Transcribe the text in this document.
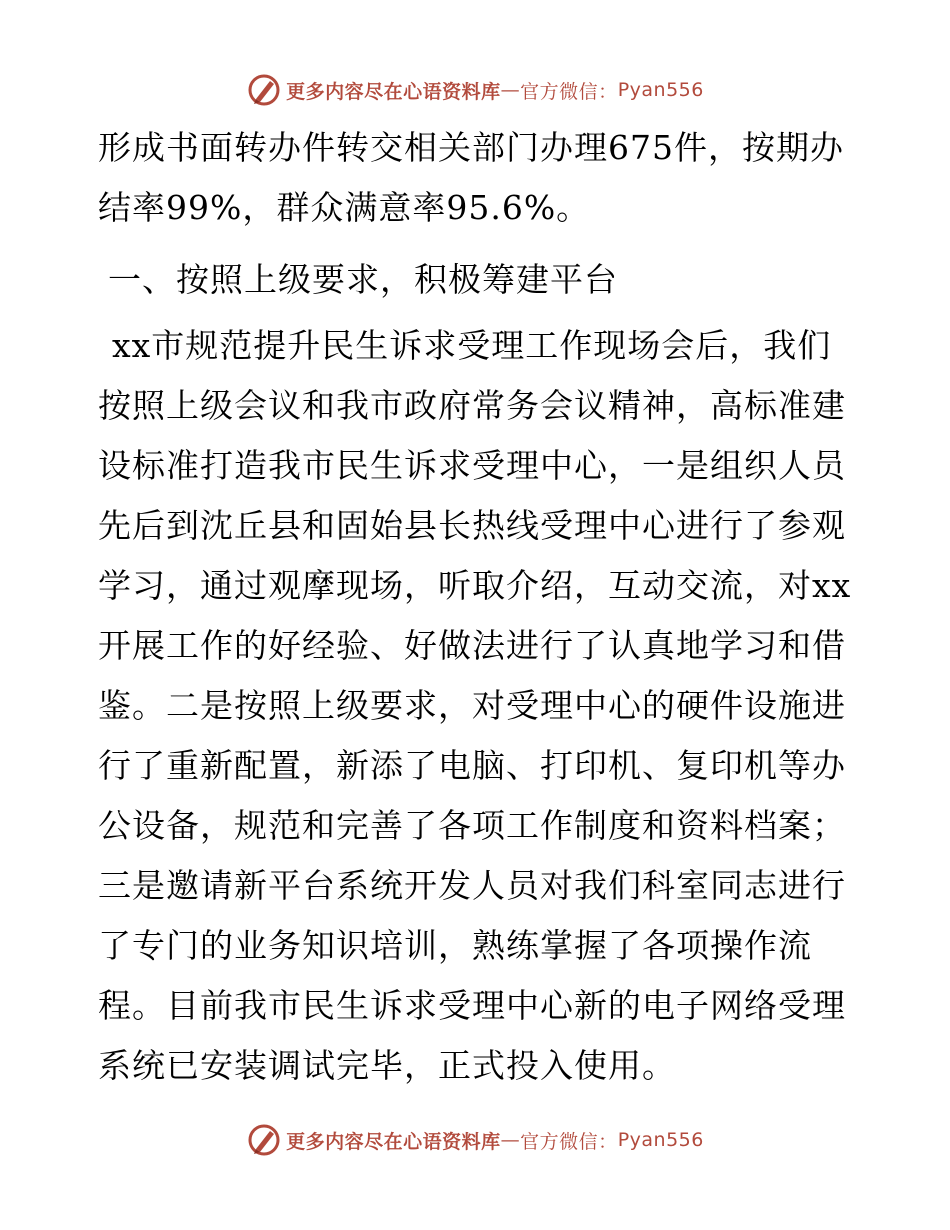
更多内容尽在心语资料库 — 官方微信： Pyan556

形成书面转办件转交相关部门办理675件，按期办
结率99%，群众满意率95.6%。

一、按照上级要求，积极筹建平台

xx市规范提升民生诉求受理工作现场会后，我们
按照上级会议和我市政府常务会议精神，高标准建
设标准打造我市民生诉求受理中心，一是组织人员
先后到沈丘县和固始县长热线受理中心进行了参观
学习，通过观摩现场，听取介绍，互动交流，对xx
开展工作的好经验、好做法进行了认真地学习和借
鉴。二是按照上级要求，对受理中心的硬件设施进
行了重新配置，新添了电脑、打印机、复印机等办
公设备，规范和完善了各项工作制度和资料档案；
三是邀请新平台系统开发人员对我们科室同志进行
了专门的业务知识培训，熟练掌握了各项操作流
程。目前我市民生诉求受理中心新的电子网络受理
系统已安装调试完毕，正式投入使用。

更多内容尽在心语资料库 — 官方微信： Pyan556
